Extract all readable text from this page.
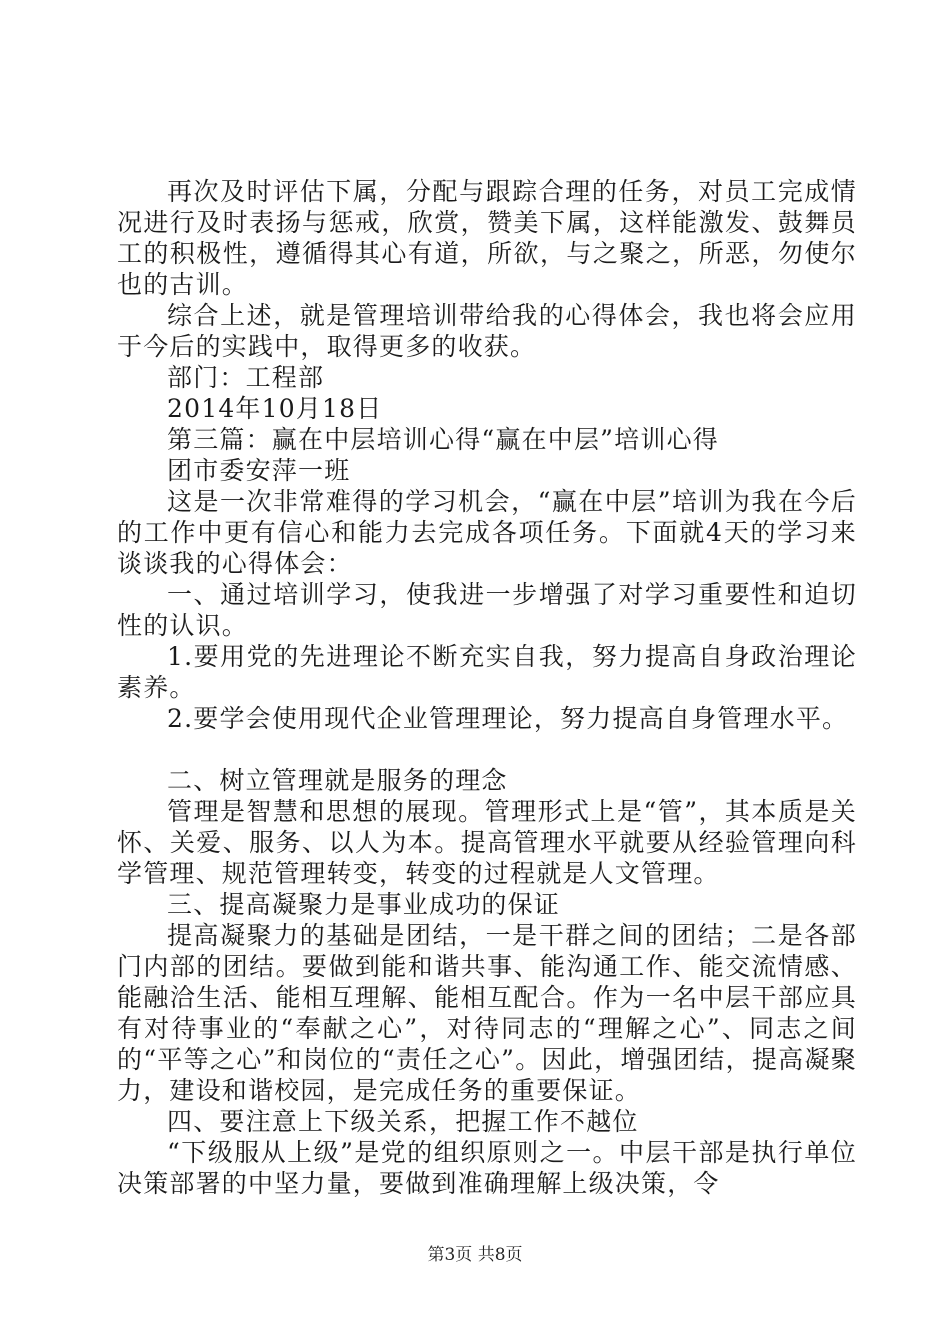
再次及时评估下属，分配与跟踪合理的任务，对员工完成情况进行及时表扬与惩戒，欣赏，赞美下属，这样能激发、鼓舞员工的积极性，遵循得其心有道，所欲，与之聚之，所恶，勿使尔也的古训。

综合上述，就是管理培训带给我的心得体会，我也将会应用于今后的实践中，取得更多的收获。

部门：工程部

2014年10月18日

第三篇：赢在中层培训心得“赢在中层”培训心得

团市委安萍一班

这是一次非常难得的学习机会，“赢在中层”培训为我在今后的工作中更有信心和能力去完成各项任务。下面就4天的学习来谈谈我的心得体会：

一、通过培训学习，使我进一步增强了对学习重要性和迫切性的认识。

1.要用党的先进理论不断充实自我，努力提高自身政治理论素养。

2.要学会使用现代企业管理理论，努力提高自身管理水平。

二、树立管理就是服务的理念

管理是智慧和思想的展现。管理形式上是“管”，其本质是关怀、关爱、服务、以人为本。提高管理水平就要从经验管理向科学管理、规范管理转变，转变的过程就是人文管理。

三、提高凝聚力是事业成功的保证

提高凝聚力的基础是团结，一是干群之间的团结；二是各部门内部的团结。要做到能和谐共事、能沟通工作、能交流情感、能融洽生活、能相互理解、能相互配合。作为一名中层干部应具有对待事业的“奉献之心”，对待同志的“理解之心”、同志之间的“平等之心”和岗位的“责任之心”。因此，增强团结，提高凝聚力，建设和谐校园，是完成任务的重要保证。

四、要注意上下级关系，把握工作不越位

“下级服从上级”是党的组织原则之一。中层干部是执行单位决策部署的中坚力量，要做到准确理解上级决策，令

第3页 共8页
